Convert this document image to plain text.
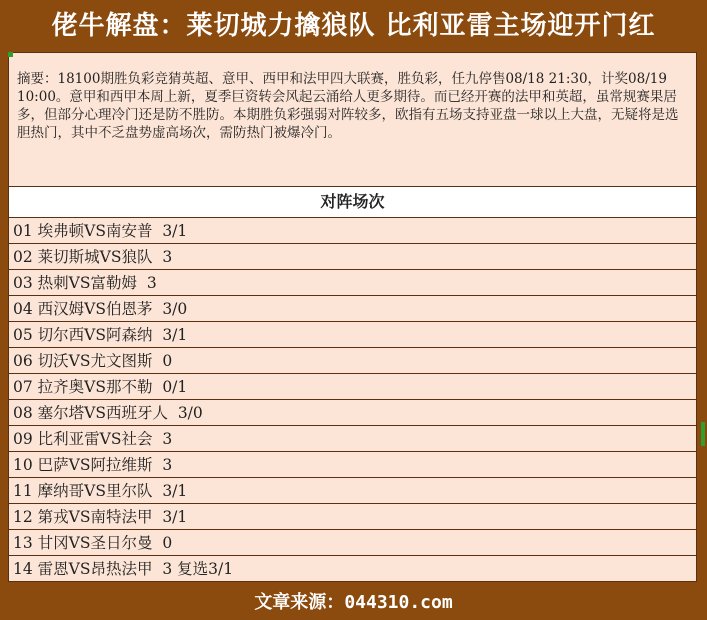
佬牛解盘：莱切城力擒狼队 比利亚雷主场迎开门红
摘要：18100期胜负彩竞猜英超、意甲、西甲和法甲四大联赛，胜负彩，任九停售08/18 21:30，计奖08/19 10:00。意甲和西甲本周上新，夏季巨资转会风起云涌给人更多期待。而已经开赛的法甲和英超，虽常规赛果居多，但部分心理冷门还是防不胜防。本期胜负彩强弱对阵较多，欧指有五场支持亚盘一球以上大盘，无疑将是选胆热门，其中不乏盘势虚高场次，需防热门被爆冷门。
对阵场次
01 埃弗顿VS南安普  3/1
02 莱切斯城VS狼队  3
03 热刺VS富勒姆  3
04 西汉姆VS伯恩茅  3/0
05 切尔西VS阿森纳  3/1
06 切沃VS尤文图斯  0
07 拉齐奥VS那不勒  0/1
08 塞尔塔VS西班牙人  3/0
09 比利亚雷VS社会  3
10 巴萨VS阿拉维斯  3
11 摩纳哥VS里尔队  3/1
12 第戎VS南特法甲  3/1
13 甘冈VS圣日尔曼  0
14 雷恩VS昂热法甲  3 复选3/1
文章来源：044310.com
